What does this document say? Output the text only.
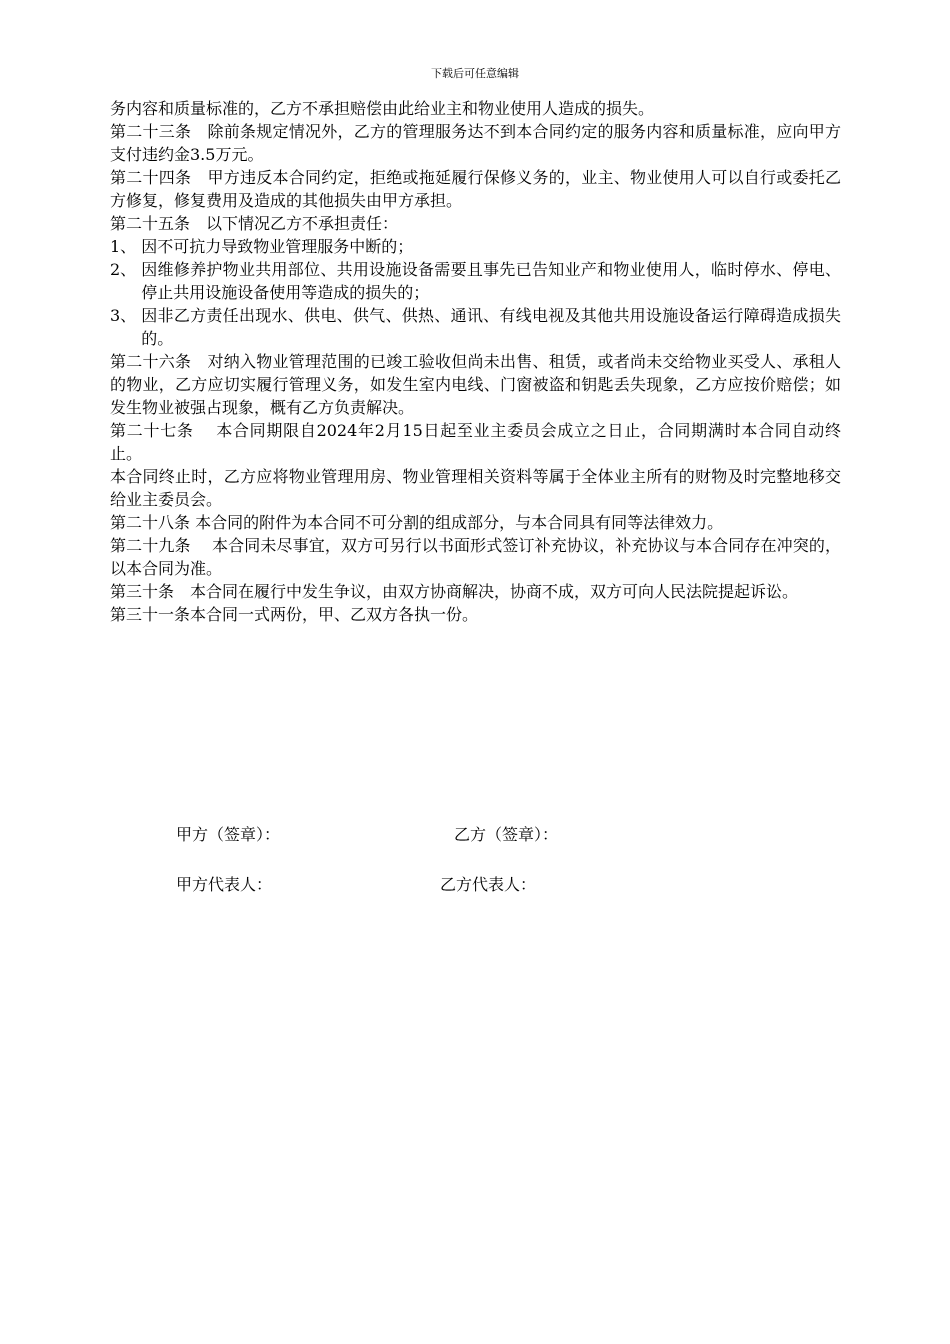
下载后可任意编辑

务内容和质量标准的，乙方不承担赔偿由此给业主和物业使用人造成的损失。

第二十三条　除前条规定情况外，乙方的管理服务达不到本合同约定的服务内容和质量标准，应向甲方支付违约金3.5万元。

第二十四条　甲方违反本合同约定，拒绝或拖延履行保修义务的，业主、物业使用人可以自行或委托乙方修复，修复费用及造成的其他损失由甲方承担。

第二十五条　以下情况乙方不承担责任：

1、 因不可抗力导致物业管理服务中断的；
2、 因维修养护物业共用部位、共用设施设备需要且事先已告知业产和物业使用人，临时停水、停电、停止共用设施设备使用等造成的损失的；
3、 因非乙方责任出现水、供电、供气、供热、通讯、有线电视及其他共用设施设备运行障碍造成损失的。

第二十六条　对纳入物业管理范围的已竣工验收但尚未出售、租赁，或者尚未交给物业买受人、承租人的物业，乙方应切实履行管理义务，如发生室内电线、门窗被盗和钥匙丢失现象，乙方应按价赔偿；如发生物业被强占现象，概有乙方负责解决。

第二十七条　 本合同期限自2024年2月15日起至业主委员会成立之日止，合同期满时本合同自动终止。

本合同终止时，乙方应将物业管理用房、物业管理相关资料等属于全体业主所有的财物及时完整地移交给业主委员会。

第二十八条 本合同的附件为本合同不可分割的组成部分，与本合同具有同等法律效力。

第二十九条　 本合同未尽事宜，双方可另行以书面形式签订补充协议，补充协议与本合同存在冲突的，以本合同为准。

第三十条　本合同在履行中发生争议，由双方协商解决，协商不成，双方可向人民法院提起诉讼。

第三十一条本合同一式两份，甲、乙双方各执一份。

甲方（签章）：	乙方（签章）：
甲方代表人：	乙方代表人：
